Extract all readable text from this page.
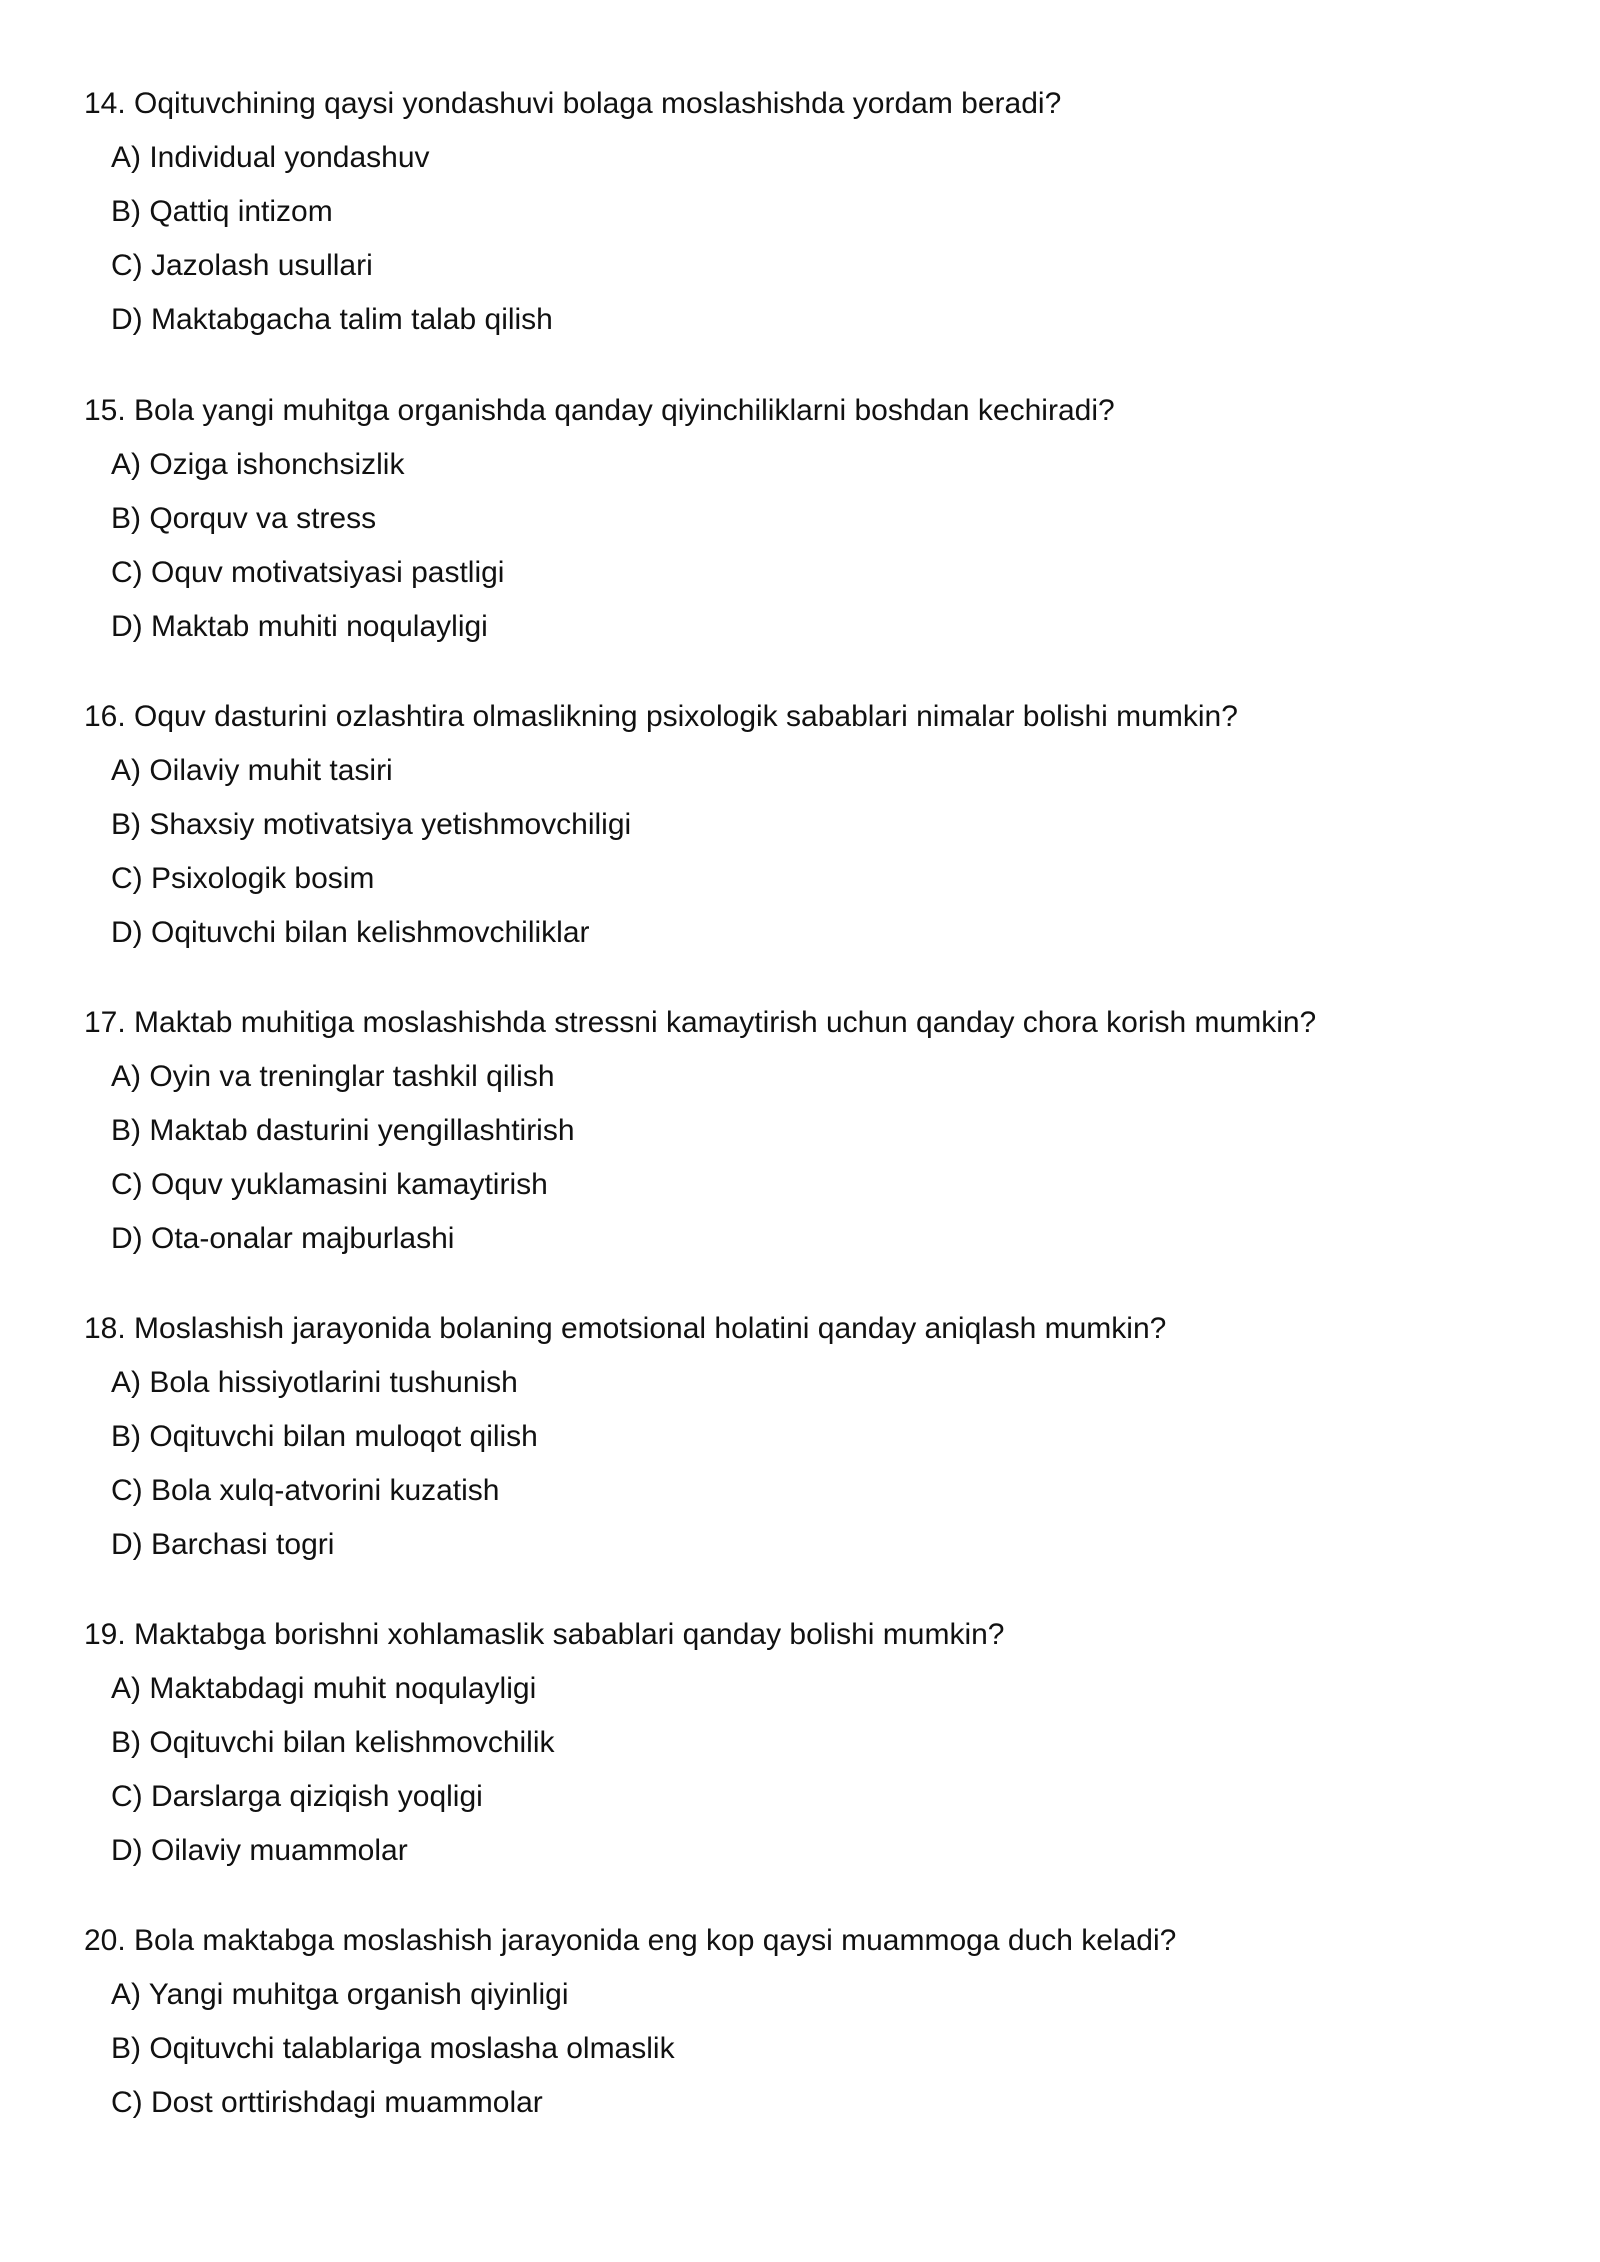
14. Oqituvchining qaysi yondashuvi bolaga moslashishda yordam beradi?
A) Individual yondashuv
B) Qattiq intizom
C) Jazolash usullari
D) Maktabgacha talim talab qilish
15. Bola yangi muhitga organishda qanday qiyinchiliklarni boshdan kechiradi?
A) Oziga ishonchsizlik
B) Qorquv va stress
C) Oquv motivatsiyasi pastligi
D) Maktab muhiti noqulayligi
16. Oquv dasturini ozlashtira olmaslikning psixologik sabablari nimalar bolishi mumkin?
A) Oilaviy muhit tasiri
B) Shaxsiy motivatsiya yetishmovchiligi
C) Psixologik bosim
D) Oqituvchi bilan kelishmovchiliklar
17. Maktab muhitiga moslashishda stressni kamaytirish uchun qanday chora korish mumkin?
A) Oyin va treninglar tashkil qilish
B) Maktab dasturini yengillashtirish
C) Oquv yuklamasini kamaytirish
D) Ota-onalar majburlashi
18. Moslashish jarayonida bolaning emotsional holatini qanday aniqlash mumkin?
A) Bola hissiyotlarini tushunish
B) Oqituvchi bilan muloqot qilish
C) Bola xulq-atvorini kuzatish
D) Barchasi togri
19. Maktabga borishni xohlamaslik sabablari qanday bolishi mumkin?
A) Maktabdagi muhit noqulayligi
B) Oqituvchi bilan kelishmovchilik
C) Darslarga qiziqish yoqligi
D) Oilaviy muammolar
20. Bola maktabga moslashish jarayonida eng kop qaysi muammoga duch keladi?
A) Yangi muhitga organish qiyinligi
B) Oqituvchi talablariga moslasha olmaslik
C) Dost orttirishdagi muammolar
